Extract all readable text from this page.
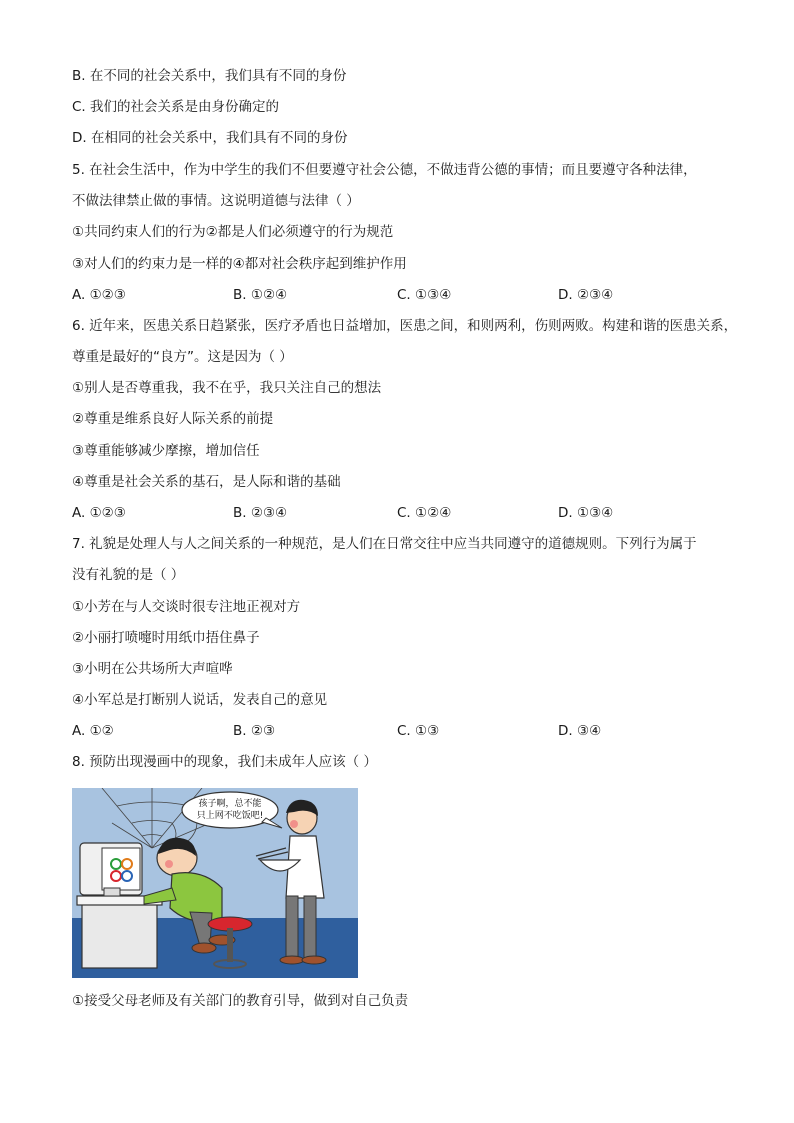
B. 在不同的社会关系中，我们具有不同的身份
C. 我们的社会关系是由身份确定的
D. 在相同的社会关系中，我们具有不同的身份
5. 在社会生活中，作为中学生的我们不但要遵守社会公德，不做违背公德的事情；而且要遵守各种法律，
不做法律禁止做的事情。这说明道德与法律（ ）
①共同约束人们的行为②都是人们必须遵守的行为规范
③对人们的约束力是一样的④都对社会秩序起到维护作用
A. ①②③	B. ①②④	C. ①③④	D. ②③④
6. 近年来，医患关系日趋紧张，医疗矛盾也日益增加，医患之间，和则两利，伤则两败。构建和谐的医患关系，
尊重是最好的“良方”。这是因为（ ）
①别人是否尊重我，我不在乎，我只关注自己的想法
②尊重是维系良好人际关系的前提
③尊重能够减少摩擦，增加信任
④尊重是社会关系的基石，是人际和谐的基础
A. ①②③	B. ②③④	C. ①②④	D. ①③④
7. 礼貌是处理人与人之间关系的一种规范，是人们在日常交往中应当共同遵守的道德规则。下列行为属于
没有礼貌的是（ ）
①小芳在与人交谈时很专注地正视对方
②小丽打喷嚏时用纸巾捂住鼻子
③小明在公共场所大声喧哗
④小军总是打断别人说话，发表自己的意见
A. ①②	B. ②③	C. ①③	D. ③④
8. 预防出现漫画中的现象，我们未成年人应该（ ）
孩子啊，总不能
只上网不吃饭吧!
①接受父母老师及有关部门的教育引导，做到对自己负责
